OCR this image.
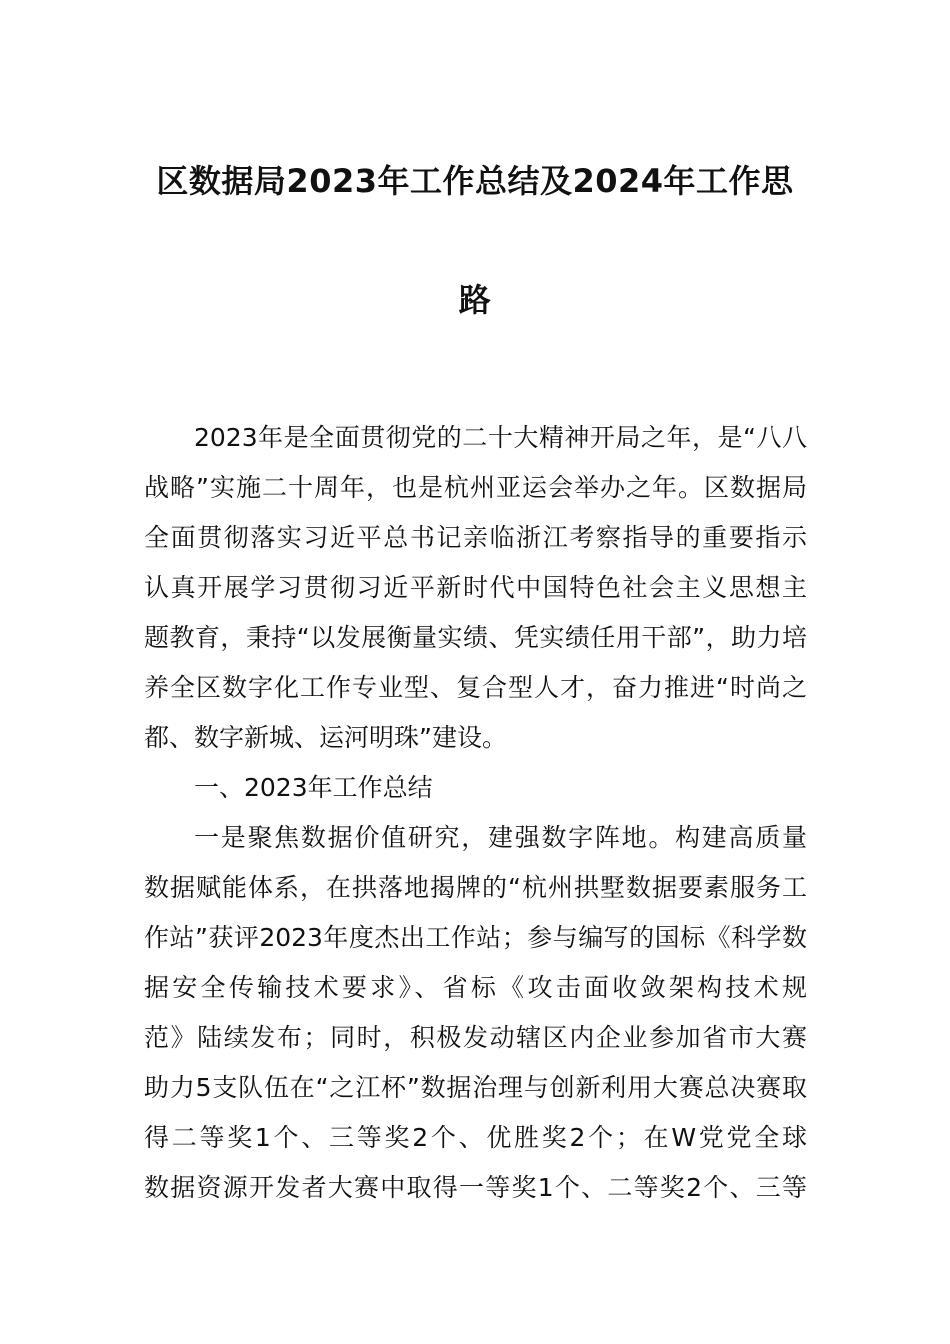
区数据局2023年工作总结及2024年工作思
路
2023年是全面贯彻党的二十大精神开局之年，是“八八
战略”实施二十周年，也是杭州亚运会举办之年。区数据局
全面贯彻落实习近平总书记亲临浙江考察指导的重要指示
认真开展学习贯彻习近平新时代中国特色社会主义思想主
题教育，秉持“以发展衡量实绩、凭实绩任用干部”，助力培
养全区数字化工作专业型、复合型人才，奋力推进“时尚之
都、数字新城、运河明珠”建设。
一、2023年工作总结
一是聚焦数据价值研究，建强数字阵地。构建高质量
数据赋能体系，在拱落地揭牌的“杭州拱墅数据要素服务工
作站”获评2023年度杰出工作站；参与编写的国标《科学数
据安全传输技术要求》、省标《攻击面收敛架构技术规
范》陆续发布；同时，积极发动辖区内企业参加省市大赛
助力5支队伍在“之江杯”数据治理与创新利用大赛总决赛取
得二等奖1个、三等奖2个、优胜奖2个；在W党党全球
数据资源开发者大赛中取得一等奖1个、二等奖2个、三等
